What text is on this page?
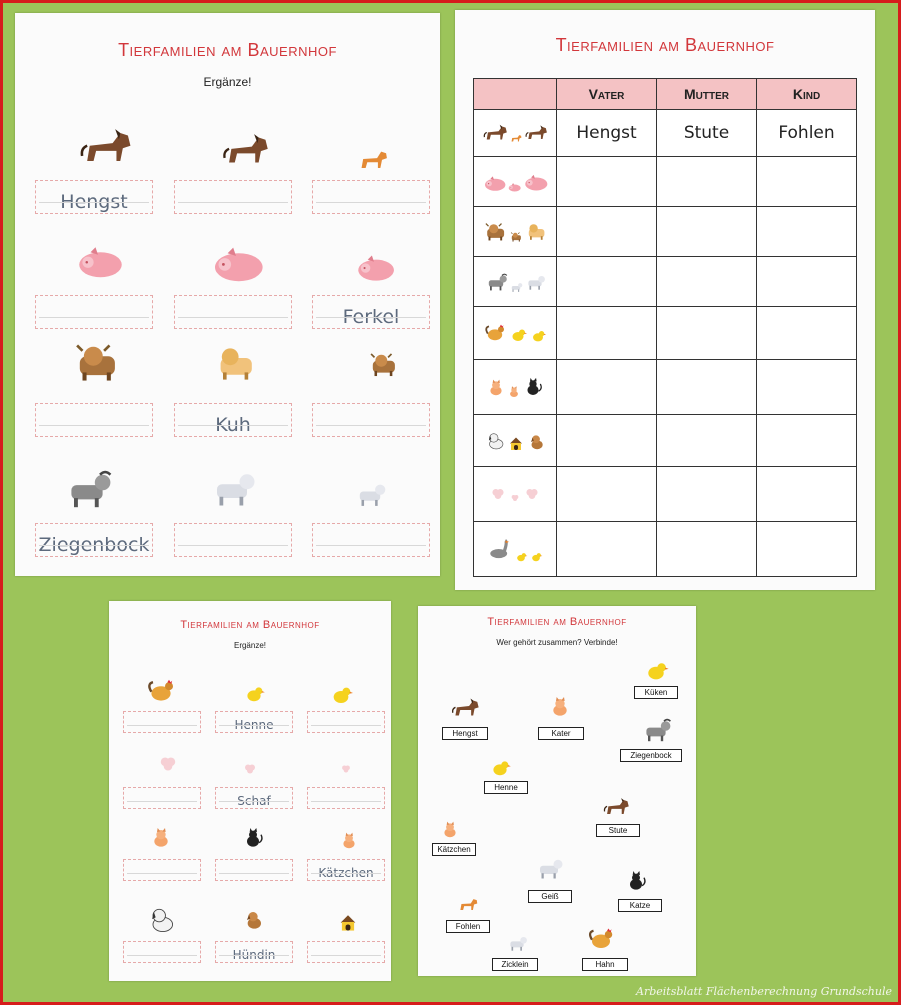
Tierfamilien am Bauernhof
Ergänze!
Hengst
Ferkel
Kuh
Ziegenbock
Tierfamilien am Bauernhof
	Vater	Mutter	Kind

	Hengst	Stute	Fohlen

Tierfamilien am Bauernhof
Ergänze!
Henne
Schaf
Kätzchen
Hündin
Tierfamilien am Bauernhof
Wer gehört zusammen? Verbinde!
Küken
Hengst	Kater
Ziegenbock
Henne
Stute
Kätzchen
Geiß
Katze
Fohlen
Zicklein	Hahn
Arbeitsblatt Flächenberechnung Grundschule
